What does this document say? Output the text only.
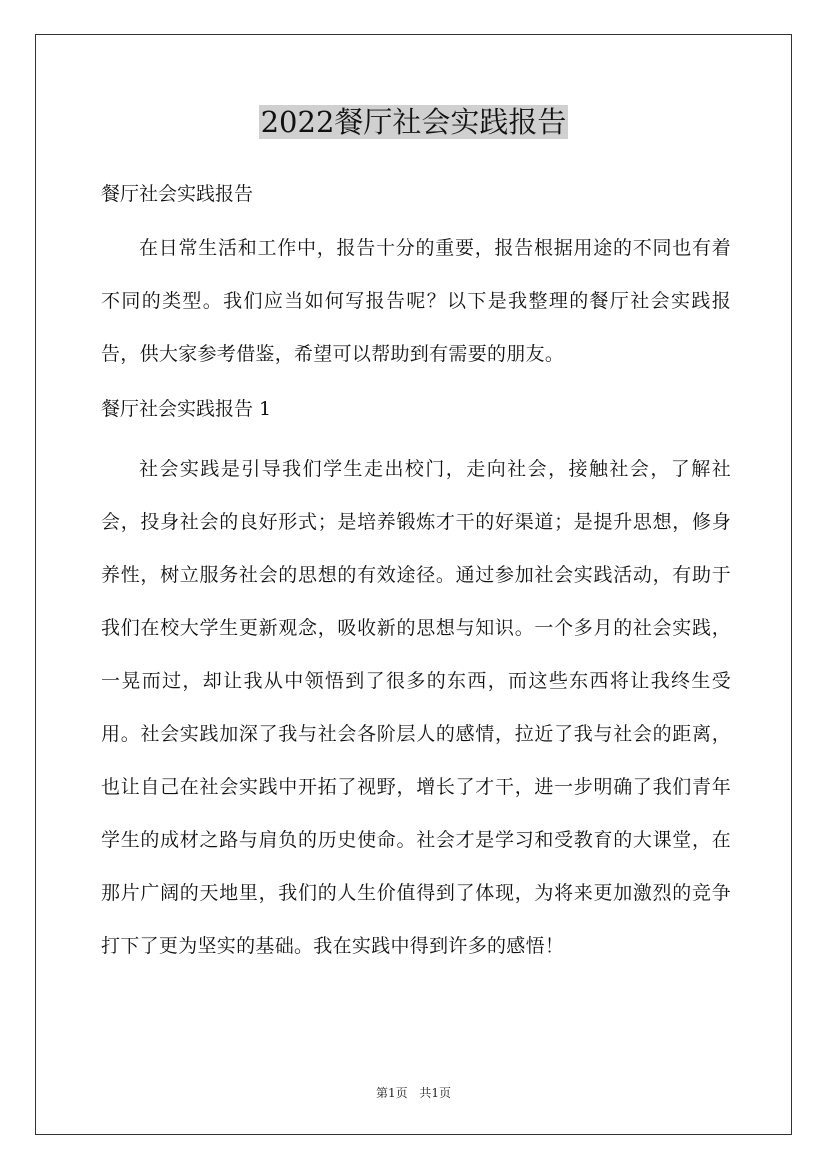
2022餐厅社会实践报告
餐厅社会实践报告

在日常生活和工作中，报告十分的重要，报告根据用途的不同也有着不同的类型。我们应当如何写报告呢？以下是我整理的餐厅社会实践报告，供大家参考借鉴，希望可以帮助到有需要的朋友。

餐厅社会实践报告 1

社会实践是引导我们学生走出校门，走向社会，接触社会，了解社会，投身社会的良好形式；是培养锻炼才干的好渠道；是提升思想，修身养性，树立服务社会的思想的有效途径。通过参加社会实践活动，有助于我们在校大学生更新观念，吸收新的思想与知识。一个多月的社会实践，一晃而过，却让我从中领悟到了很多的东西，而这些东西将让我终生受用。社会实践加深了我与社会各阶层人的感情，拉近了我与社会的距离，也让自己在社会实践中开拓了视野，增长了才干，进一步明确了我们青年学生的成材之路与肩负的历史使命。社会才是学习和受教育的大课堂，在那片广阔的天地里，我们的人生价值得到了体现，为将来更加激烈的竞争打下了更为坚实的基础。我在实践中得到许多的感悟！

第1页 共1页
